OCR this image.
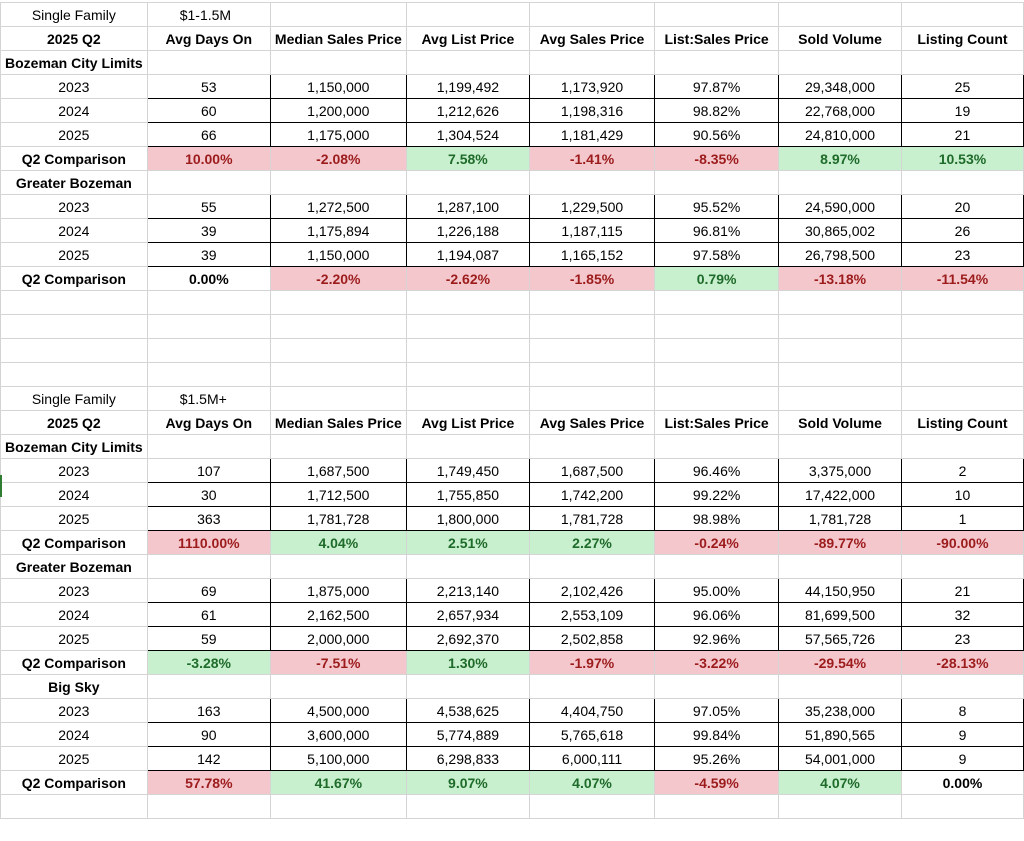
Single Family	$1-1.5M						
2025 Q2	Avg Days On	Median Sales Price	Avg List Price	Avg Sales Price	List:Sales Price	Sold Volume	Listing Count
Bozeman City Limits							
2023	53	1,150,000	1,199,492	1,173,920	97.87%	29,348,000	25
2024	60	1,200,000	1,212,626	1,198,316	98.82%	22,768,000	19
2025	66	1,175,000	1,304,524	1,181,429	90.56%	24,810,000	21
Q2 Comparison	10.00%	-2.08%	7.58%	-1.41%	-8.35%	8.97%	10.53%
Greater Bozeman							
2023	55	1,272,500	1,287,100	1,229,500	95.52%	24,590,000	20
2024	39	1,175,894	1,226,188	1,187,115	96.81%	30,865,002	26
2025	39	1,150,000	1,194,087	1,165,152	97.58%	26,798,500	23
Q2 Comparison	0.00%	-2.20%	-2.62%	-1.85%	0.79%	-13.18%	-11.54%

Single Family	$1.5M+						
2025 Q2	Avg Days On	Median Sales Price	Avg List Price	Avg Sales Price	List:Sales Price	Sold Volume	Listing Count
Bozeman City Limits							
2023	107	1,687,500	1,749,450	1,687,500	96.46%	3,375,000	2
2024	30	1,712,500	1,755,850	1,742,200	99.22%	17,422,000	10
2025	363	1,781,728	1,800,000	1,781,728	98.98%	1,781,728	1
Q2 Comparison	1110.00%	4.04%	2.51%	2.27%	-0.24%	-89.77%	-90.00%
Greater Bozeman							
2023	69	1,875,000	2,213,140	2,102,426	95.00%	44,150,950	21
2024	61	2,162,500	2,657,934	2,553,109	96.06%	81,699,500	32
2025	59	2,000,000	2,692,370	2,502,858	92.96%	57,565,726	23
Q2 Comparison	-3.28%	-7.51%	1.30%	-1.97%	-3.22%	-29.54%	-28.13%
Big Sky							
2023	163	4,500,000	4,538,625	4,404,750	97.05%	35,238,000	8
2024	90	3,600,000	5,774,889	5,765,618	99.84%	51,890,565	9
2025	142	5,100,000	6,298,833	6,000,111	95.26%	54,001,000	9
Q2 Comparison	57.78%	41.67%	9.07%	4.07%	-4.59%	4.07%	0.00%
